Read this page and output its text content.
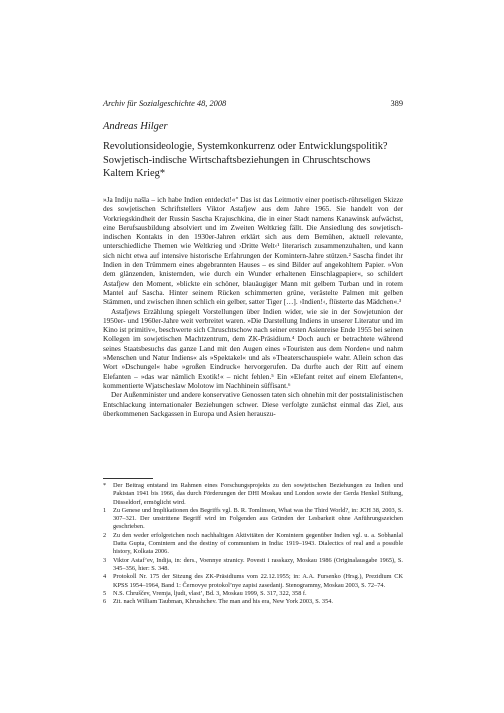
Archiv für Sozialgeschichte 48, 2008	389
Andreas Hilger
Revolutionsideologie, Systemkonkurrenz oder Entwicklungspolitik?
Sowjetisch-indische Wirtschaftsbeziehungen in Chruschtschows Kaltem Krieg*

»Ja Indiju našla – ich habe Indien entdeckt!«ʺ Das ist das Leitmotiv einer poetisch-rührseligen Skizze des sowjetischen Schriftstellers Viktor Astafjew aus dem Jahre 1965. Sie handelt von der Vorkriegskindheit der Russin Sascha Krajuschkina, die in einer Stadt namens Kanawinsk aufwächst, eine Berufsausbildung absolviert und im Zweiten Weltkrieg fällt. Die Ansiedlung des sowjetisch-indischen Kontakts in den 1930er-Jahren erklärt sich aus dem Bemühen, aktuell relevante, unterschiedliche Themen wie Weltkrieg und ›Dritte Welt‹¹ literarisch zusammenzuhalten, und kann sich nicht etwa auf intensive historische Erfahrungen der Komintern-Jahre stützen.² Sascha findet ihr Indien in den Trümmern eines abgebrannten Hauses – es sind Bilder auf angekohltem Papier. »Von dem glänzenden, knisternden, wie durch ein Wunder erhaltenen Einschlagpapier«, so schildert Astafjew den Moment, »blickte ein schöner, blauäugiger Mann mit gelbem Turban und in rotem Mantel auf Sascha. Hinter seinem Rücken schimmerten grüne, verästelte Palmen mit gelben Stämmen, und zwischen ihnen schlich ein gelber, satter Tiger […]. ›Indien!‹, flüsterte das Mädchen«.³

Astafjews Erzählung spiegelt Vorstellungen über Indien wider, wie sie in der Sowjetunion der 1950er- und 1960er-Jahre weit verbreitet waren. »Die Darstellung Indiens in unserer Literatur und im Kino ist primitiv«, beschwerte sich Chruschtschow nach seiner ersten Asienreise Ende 1955 bei seinen Kollegen im sowjetischen Machtzentrum, dem ZK-Präsidium.⁴ Doch auch er betrachtete während seines Staatsbesuchs das ganze Land mit den Augen eines »Touristen aus dem Norden« und nahm »Menschen und Natur Indiens« als »Spektakel« und als »Theaterschauspiel« wahr. Allein schon das Wort »Dschungel« habe »großen Eindruck« hervorgerufen. Da durfte auch der Ritt auf einem Elefanten – »das war nämlich Exotik!« – nicht fehlen.⁵ Ein »Elefant reitet auf einem Elefanten«, kommentierte Wjatscheslaw Molotow im Nachhinein süffisant.⁶

Der Außenminister und andere konservative Genossen taten sich ohnehin mit der poststalinistischen Entschlackung internationaler Beziehungen schwer. Diese verfolgte zunächst einmal das Ziel, aus überkommenen Sackgassen in Europa und Asien herauszu-

*	Der Beitrag entstand im Rahmen eines Forschungsprojekts zu den sowjetischen Beziehungen zu Indien und Pakistan 1941 bis 1966, das durch Förderungen der DHI Moskau und London sowie der Gerda Henkel Stiftung, Düsseldorf, ermöglicht wird.
1	Zu Genese und Implikationen des Begriffs vgl. B. R. Tomlinson, What was the Third World?, in: JCH 38, 2003, S. 307–321. Der unstrittene Begriff wird im Folgenden aus Gründen der Lesbarkeit ohne Anführungszeichen geschrieben.
2	Zu den weder erfolgreichen noch nachhaltigen Aktivitäten der Komintern gegenüber Indien vgl. u. a. Sobhanlal Datta Gupta, Comintern and the destiny of communism in India: 1919–1943. Dialectics of real and a possible history, Kolkata 2006.
3	Viktor Astaf’ev, Indija, in: ders., Voennye stranicy. Povesti i rasskazy, Moskau 1986 (Originalausgabe 1965), S. 345–356, hier: S. 348.
4	Protokoll Nr. 175 der Sitzung des ZK-Präsidiums vom 22.12.1955; in: A.A. Fursenko (Hrsg.), Prezidium CK KPSS 1954–1964, Band 1: Černovye protokol’nye zapisi zasedanij. Stenogrammy, Moskau 2003, S. 72–74.
5	N.S. Chruščev, Vremja, ljudi, vlast’, Bd. 3, Moskau 1999, S. 317, 322, 358 f.
6	Zit. nach William Taubman, Khrushchev. The man and his era, New York 2003, S. 354.
